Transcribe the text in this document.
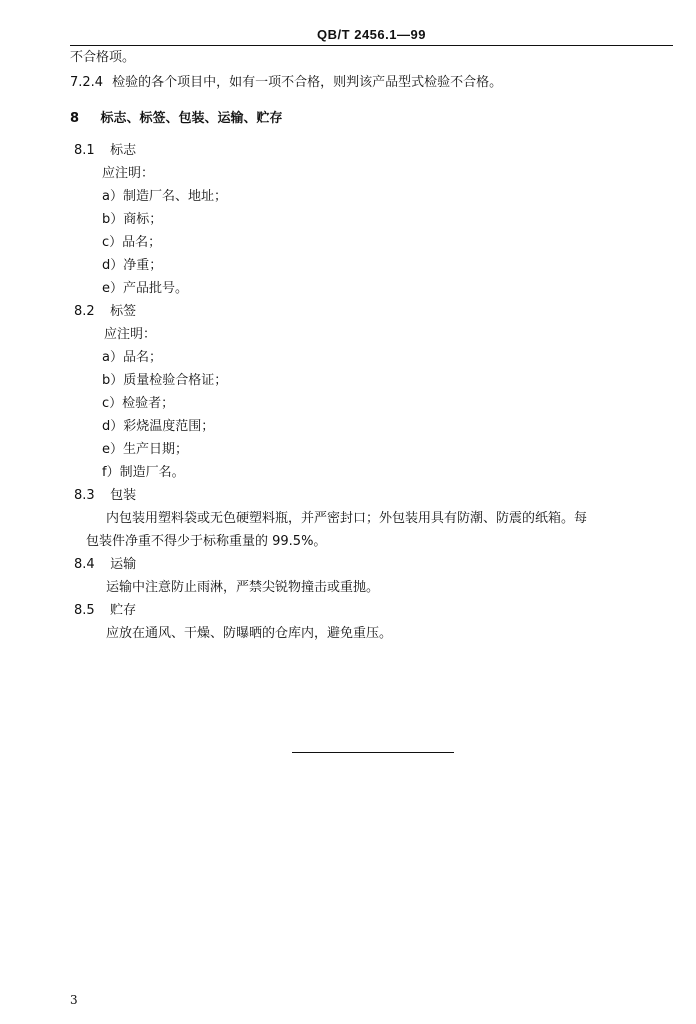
QB/T 2456.1—99
不合格项。
7.2.4 检验的各个项目中，如有一项不合格，则判该产品型式检验不合格。
8 标志、标签、包装、运输、贮存
8.1 标志
应注明：
a）制造厂名、地址；
b）商标；
c）品名；
d）净重；
e）产品批号。
8.2 标签
应注明：
a）品名；
b）质量检验合格证；
c）检验者；
d）彩烧温度范围；
e）生产日期；
f）制造厂名。
8.3 包装
内包装用塑料袋或无色硬塑料瓶，并严密封口；外包装用具有防潮、防震的纸箱。每
包装件净重不得少于标称重量的 99.5%。
8.4 运输
运输中注意防止雨淋，严禁尖锐物撞击或重抛。
8.5 贮存
应放在通风、干燥、防曝晒的仓库内，避免重压。
3
